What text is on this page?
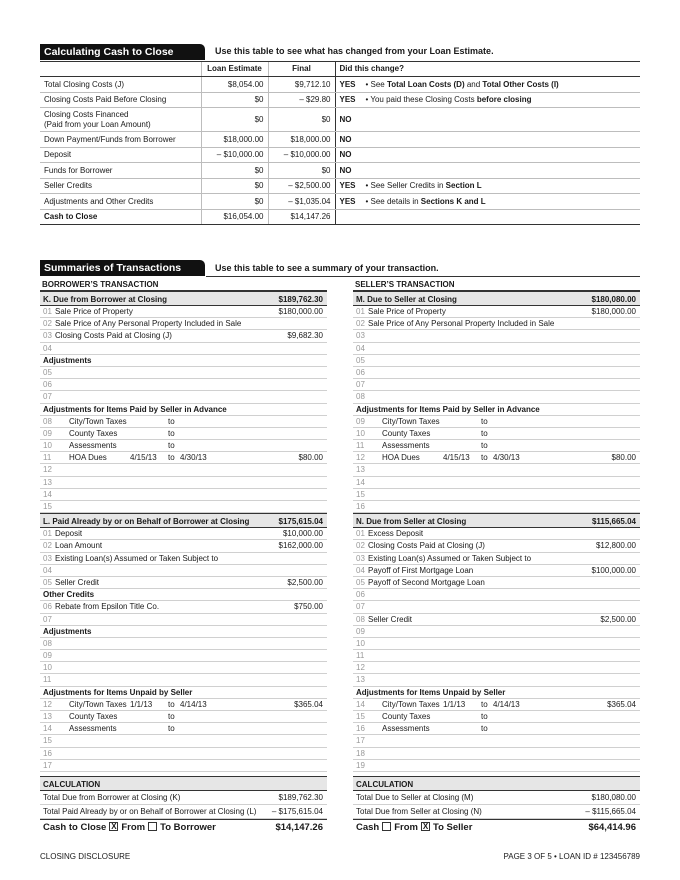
Calculating Cash to Close	Use this table to see what has changed from your Loan Estimate.
	Loan Estimate	Final	Did this change?
Total Closing Costs (J)	$8,054.00	$9,712.10	YES • See Total Loan Costs (D) and Total Other Costs (I)
Closing Costs Paid Before Closing	$0	– $29.80	YES • You paid these Closing Costs before closing
Closing Costs Financed
(Paid from your Loan Amount)	$0	$0	NO
Down Payment/Funds from Borrower	$18,000.00	$18,000.00	NO
Deposit	– $10,000.00	– $10,000.00	NO
Funds for Borrower	$0	$0	NO
Seller Credits	$0	– $2,500.00	YES • See Seller Credits in Section L
Adjustments and Other Credits	$0	– $1,035.04	YES • See details in Sections K and L
Cash to Close	$16,054.00	$14,147.26	
Summaries of Transactions	Use this table to see a summary of your transaction.
BORROWER’S TRANSACTION
K. Due from Borrower at Closing	$189,762.30
01 Sale Price of Property	$180,000.00
02 Sale Price of Any Personal Property Included in Sale
03 Closing Costs Paid at Closing (J)	$9,682.30
04
Adjustments
05
06
07
Adjustments for Items Paid by Seller in Advance
08 City/Town Taxes	to
09 County Taxes	to
10 Assessments	to
11 HOA Dues	4/15/13 to 4/30/13	$80.00
12
13
14
15
L. Paid Already by or on Behalf of Borrower at Closing	$175,615.04
01 Deposit	$10,000.00
02 Loan Amount	$162,000.00
03 Existing Loan(s) Assumed or Taken Subject to
04
05 Seller Credit	$2,500.00
Other Credits
06 Rebate from Epsilon Title Co.	$750.00
07
Adjustments
08
09
10
11
Adjustments for Items Unpaid by Seller
12 City/Town Taxes 1/1/13 to 4/14/13	$365.04
13 County Taxes	to
14 Assessments	to
15
16
17
CALCULATION
Total Due from Borrower at Closing (K)	$189,762.30
Total Paid Already by or on Behalf of Borrower at Closing (L) – $175,615.04
Cash to Close X From To Borrower	$14,147.26
SELLER’S TRANSACTION
M. Due to Seller at Closing	$180,080.00
01 Sale Price of Property	$180,000.00
02 Sale Price of Any Personal Property Included in Sale
03
04
05
06
07
08
Adjustments for Items Paid by Seller in Advance
09 City/Town Taxes	to
10 County Taxes	to
11 Assessments	to
12 HOA Dues	4/15/13 to 4/30/13	$80.00
13
14
15
16
N. Due from Seller at Closing	$115,665.04
01 Excess Deposit
02 Closing Costs Paid at Closing (J)	$12,800.00
03 Existing Loan(s) Assumed or Taken Subject to
04 Payoff of First Mortgage Loan	$100,000.00
05 Payoff of Second Mortgage Loan
06
07
08 Seller Credit	$2,500.00
09
10
11
12
13
Adjustments for Items Unpaid by Seller
14 City/Town Taxes 1/1/13 to 4/14/13	$365.04
15 County Taxes	to
16 Assessments	to
17
18
19
CALCULATION
Total Due to Seller at Closing (M)	$180,080.00
Total Due from Seller at Closing (N)	– $115,665.04
Cash From X To Seller	$64,414.96
CLOSING DISCLOSURE	PAGE 3 OF 5 • LOAN ID # 123456789
